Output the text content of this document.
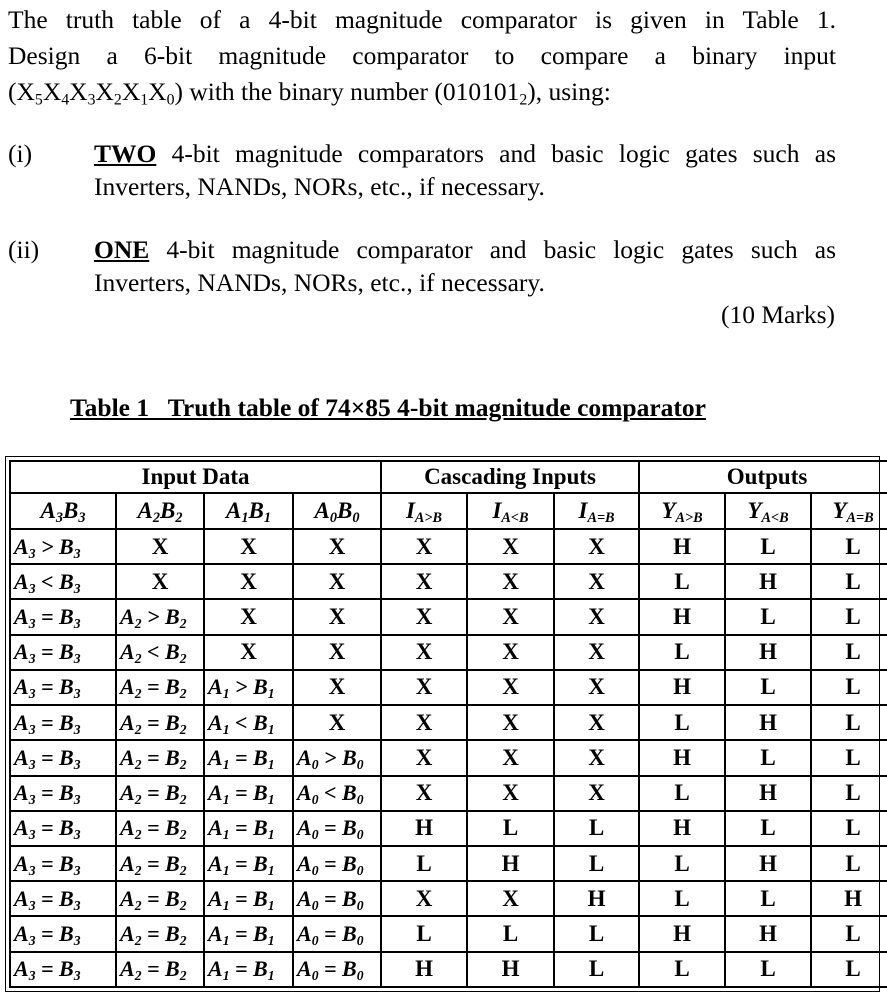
The truth table of a 4-bit magnitude comparator is given in Table 1.
Design a 6-bit magnitude comparator to compare a binary input
$(X_5X_4X_3X_2X_1X_0)$ with the binary number $(010101_2)$, using:
(i) TWO 4-bit magnitude comparators and basic logic gates such as
Inverters, NANDs, NORs, etc., if necessary.
(ii) ONE 4-bit magnitude comparator and basic logic gates such as
Inverters, NANDs, NORs, etc., if necessary.
(10 Marks)
Table 1   Truth table of 74×85 4-bit magnitude comparator
Input Data				Cascading Inputs			Outputs		
$A_3B_3$	$A_2B_2$	$A_1B_1$	$A_0B_0$	$I_{A>B}$	$I_{A<B}$	$I_{A=B}$	$Y_{A>B}$	$Y_{A<B}$	$Y_{A=B}$
$A_3 > B_3$	X	X	X	X	X	X	H	L	L
$A_3 < B_3$	X	X	X	X	X	X	L	H	L
$A_3 = B_3$	$A_2 > B_2$	X	X	X	X	X	H	L	L
$A_3 = B_3$	$A_2 < B_2$	X	X	X	X	X	L	H	L
$A_3 = B_3$	$A_2 = B_2$	$A_1 > B_1$	X	X	X	X	H	L	L
$A_3 = B_3$	$A_2 = B_2$	$A_1 < B_1$	X	X	X	X	L	H	L
$A_3 = B_3$	$A_2 = B_2$	$A_1 = B_1$	$A_0 > B_0$	X	X	X	H	L	L
$A_3 = B_3$	$A_2 = B_2$	$A_1 = B_1$	$A_0 < B_0$	X	X	X	L	H	L
$A_3 = B_3$	$A_2 = B_2$	$A_1 = B_1$	$A_0 = B_0$	H	L	L	H	L	L
$A_3 = B_3$	$A_2 = B_2$	$A_1 = B_1$	$A_0 = B_0$	L	H	L	L	H	L
$A_3 = B_3$	$A_2 = B_2$	$A_1 = B_1$	$A_0 = B_0$	X	X	H	L	L	H
$A_3 = B_3$	$A_2 = B_2$	$A_1 = B_1$	$A_0 = B_0$	L	L	L	H	H	L
$A_3 = B_3$	$A_2 = B_2$	$A_1 = B_1$	$A_0 = B_0$	H	H	L	L	L	L
